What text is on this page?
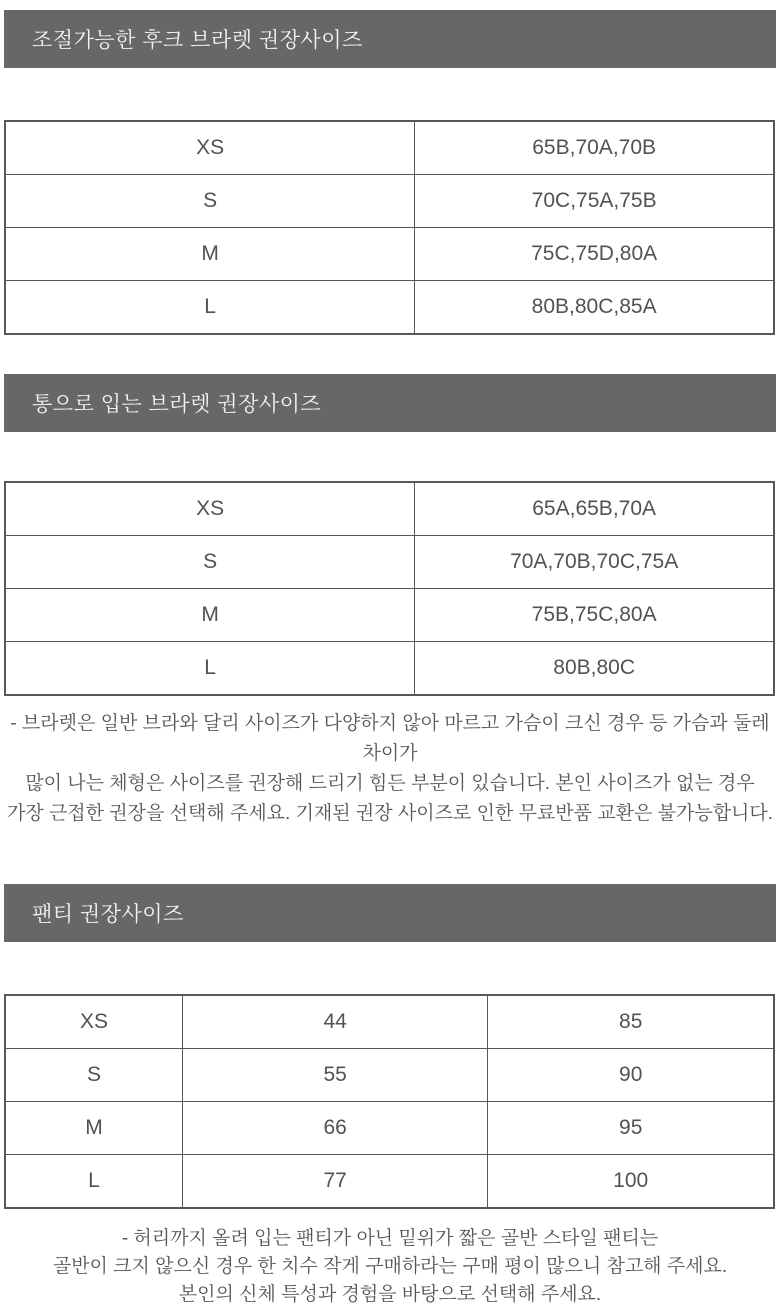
조절가능한 후크 브라렛 권장사이즈
XS	65B,70A,70B
S	70C,75A,75B
M	75C,75D,80A
L	80B,80C,85A
통으로 입는 브라렛 권장사이즈
XS	65A,65B,70A
S	70A,70B,70C,75A
M	75B,75C,80A
L	80B,80C
- 브라렛은 일반 브라와 달리 사이즈가 다양하지 않아 마르고 가슴이 크신 경우 등 가슴과 둘레 차이가
많이 나는 체형은 사이즈를 권장해 드리기 힘든 부분이 있습니다. 본인 사이즈가 없는 경우
가장 근접한 권장을 선택해 주세요. 기재된 권장 사이즈로 인한 무료반품 교환은 불가능합니다.
팬티 권장사이즈
XS	44	85
S	55	90
M	66	95
L	77	100
- 허리까지 올려 입는 팬티가 아닌 밑위가 짧은 골반 스타일 팬티는
골반이 크지 않으신 경우 한 치수 작게 구매하라는 구매 평이 많으니 참고해 주세요.
본인의 신체 특성과 경험을 바탕으로 선택해 주세요.
